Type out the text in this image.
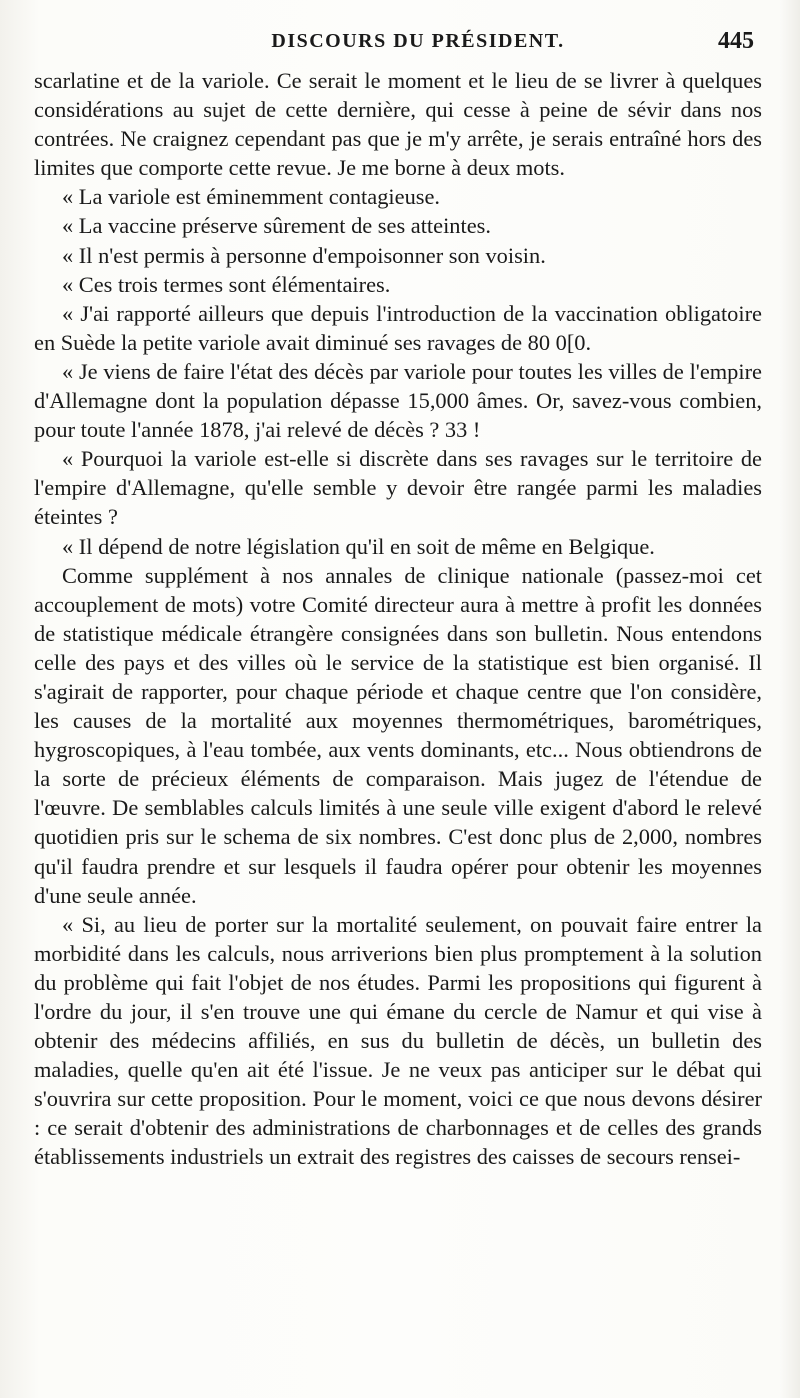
DISCOURS DU PRÉSIDENT.	445

scarlatine et de la variole. Ce serait le moment et le lieu de se livrer à quelques considérations au sujet de cette dernière, qui cesse à peine de sévir dans nos contrées. Ne craignez cependant pas que je m'y arrête, je serais entraîné hors des limites que comporte cette revue. Je me borne à deux mots.

« La variole est éminemment contagieuse.

« La vaccine préserve sûrement de ses atteintes.

« Il n'est permis à personne d'empoisonner son voisin.

« Ces trois termes sont élémentaires.

« J'ai rapporté ailleurs que depuis l'introduction de la vaccination obligatoire en Suède la petite variole avait diminué ses ravages de 80 0[0.

« Je viens de faire l'état des décès par variole pour toutes les villes de l'empire d'Allemagne dont la population dépasse 15,000 âmes. Or, savez-vous combien, pour toute l'année 1878, j'ai relevé de décès ? 33 !

« Pourquoi la variole est-elle si discrète dans ses ravages sur le territoire de l'empire d'Allemagne, qu'elle semble y devoir être rangée parmi les maladies éteintes ?

« Il dépend de notre législation qu'il en soit de même en Belgique.

Comme supplément à nos annales de clinique nationale (passez-moi cet accouplement de mots) votre Comité directeur aura à mettre à profit les données de statistique médicale étrangère consignées dans son bulletin. Nous entendons celle des pays et des villes où le service de la statistique est bien organisé. Il s'agirait de rapporter, pour chaque période et chaque centre que l'on considère, les causes de la mortalité aux moyennes thermométriques, barométriques, hygroscopiques, à l'eau tombée, aux vents dominants, etc... Nous obtiendrons de la sorte de précieux éléments de comparaison. Mais jugez de l'étendue de l'œuvre. De semblables calculs limités à une seule ville exigent d'abord le relevé quotidien pris sur le schema de six nombres. C'est donc plus de 2,000, nombres qu'il faudra prendre et sur lesquels il faudra opérer pour obtenir les moyennes d'une seule année.

« Si, au lieu de porter sur la mortalité seulement, on pouvait faire entrer la morbidité dans les calculs, nous arriverions bien plus promptement à la solution du problème qui fait l'objet de nos études. Parmi les propositions qui figurent à l'ordre du jour, il s'en trouve une qui émane du cercle de Namur et qui vise à obtenir des médecins affiliés, en sus du bulletin de décès, un bulletin des maladies, quelle qu'en ait été l'issue. Je ne veux pas anticiper sur le débat qui s'ouvrira sur cette proposition. Pour le moment, voici ce que nous devons désirer : ce serait d'obtenir des administrations de charbonnages et de celles des grands établissements industriels un extrait des registres des caisses de secours rensei-
